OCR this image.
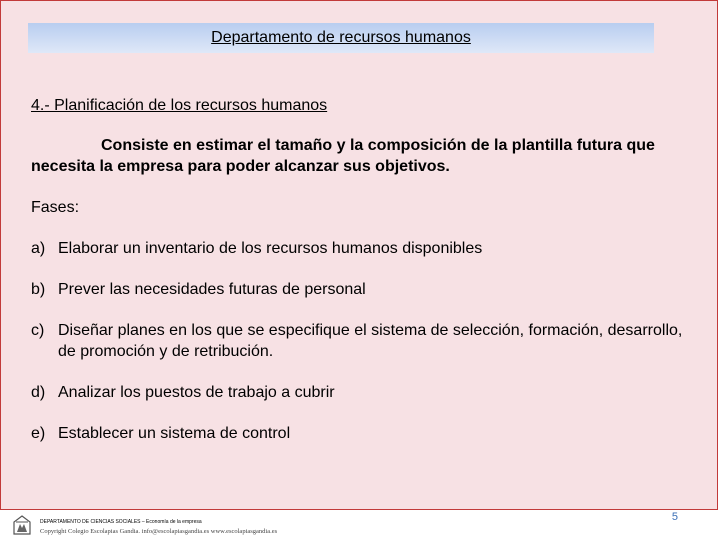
Departamento de recursos humanos

4.- Planificación de los recursos humanos

Consiste en estimar el tamaño y la composición de la plantilla futura que necesita la empresa para poder alcanzar sus objetivos.

Fases:

a) Elaborar un inventario de los recursos humanos disponibles
b) Prever las necesidades futuras de personal
c) Diseñar planes en los que se especifique el sistema de selección, formación, desarrollo, de promoción y de retribución.
d) Analizar los puestos de trabajo a cubrir
e) Establecer un sistema de control
DEPARTAMENTO DE CIENCIAS SOCIALES – Economía de la empresa
Copyright Colegio Escolapias Gandia. info@escolapiasgandia.es www.escolapiasgandia.es
5
